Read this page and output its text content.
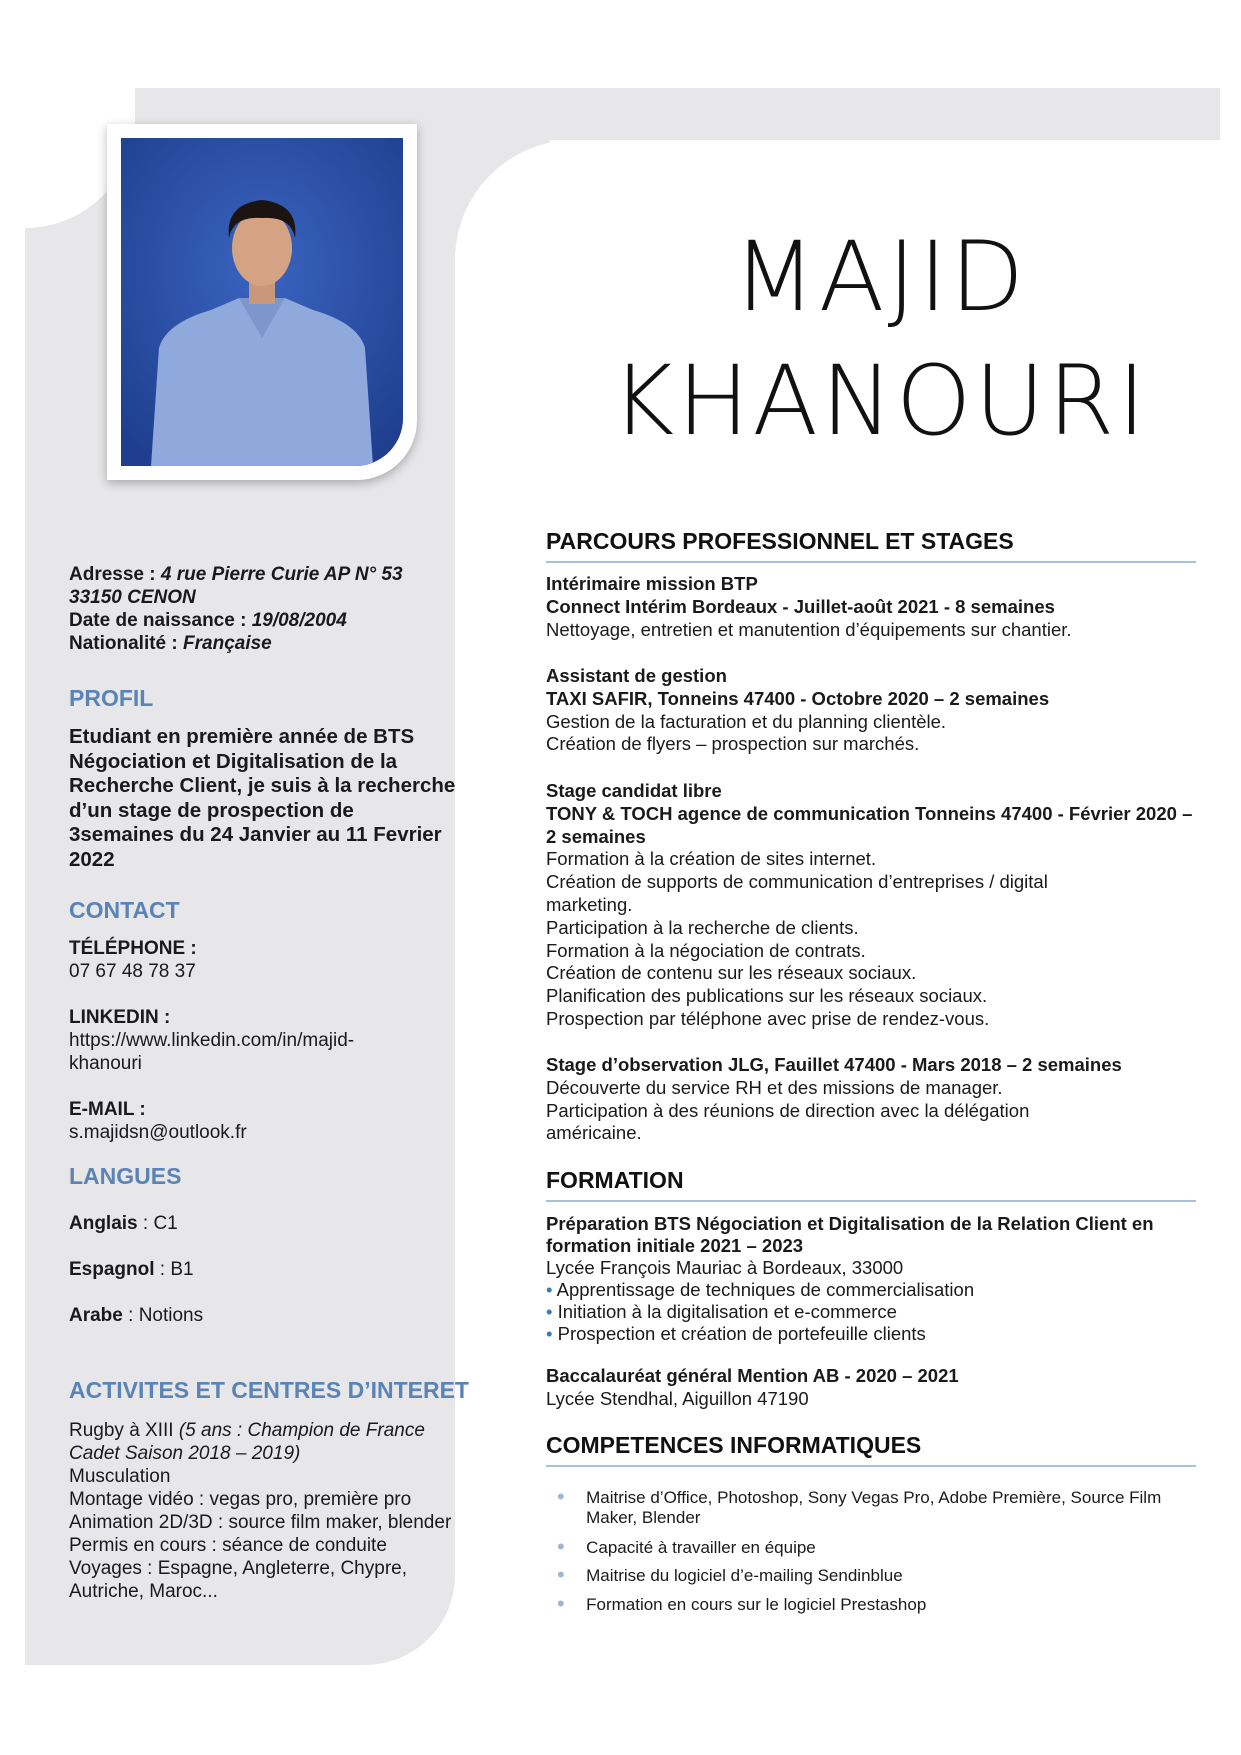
MAJID
KHANOURI
Adresse : 4 rue Pierre Curie AP N° 53
33150 CENON
Date de naissance : 19/08/2004
Nationalité : Française
PROFIL
Etudiant en première année de BTS Négociation et Digitalisation de la Recherche Client, je suis à la recherche d’un stage de prospection de 3semaines du 24 Janvier au 11 Fevrier 2022
CONTACT
TÉLÉPHONE :
07 67 48 78 37
LINKEDIN :
https://www.linkedin.com/in/majid-
khanouri
E-MAIL :
s.majidsn@outlook.fr
LANGUES
Anglais : C1
Espagnol : B1
Arabe : Notions
ACTIVITES ET CENTRES D’INTERET
Rugby à XIII (5 ans : Champion de France Cadet Saison 2018 – 2019)
Musculation
Montage vidéo : vegas pro, première pro
Animation 2D/3D : source film maker, blender
Permis en cours : séance de conduite
Voyages : Espagne, Angleterre, Chypre, Autriche, Maroc...
PARCOURS PROFESSIONNEL ET STAGES
Intérimaire mission BTP
Connect Intérim Bordeaux - Juillet-août 2021 - 8 semaines
Nettoyage, entretien et manutention d’équipements sur chantier.
Assistant de gestion
TAXI SAFIR, Tonneins 47400 - Octobre 2020 – 2 semaines
Gestion de la facturation et du planning clientèle.
Création de flyers – prospection sur marchés.
Stage candidat libre
TONY & TOCH agence de communication Tonneins 47400 - Février 2020 – 2 semaines
Formation à la création de sites internet.
Création de supports de communication d’entreprises / digital marketing.
Participation à la recherche de clients.
Formation à la négociation de contrats.
Création de contenu sur les réseaux sociaux.
Planification des publications sur les réseaux sociaux.
Prospection par téléphone avec prise de rendez-vous.
Stage d’observation JLG, Fauillet 47400 - Mars 2018 – 2 semaines
Découverte du service RH et des missions de manager.
Participation à des réunions de direction avec la délégation américaine.
FORMATION
Préparation BTS Négociation et Digitalisation de la Relation Client en formation initiale 2021 – 2023
Lycée François Mauriac à Bordeaux, 33000
• Apprentissage de techniques de commercialisation
• Initiation à la digitalisation et e-commerce
• Prospection et création de portefeuille clients
Baccalauréat général Mention AB - 2020 – 2021
Lycée Stendhal, Aiguillon 47190
COMPETENCES INFORMATIQUES
•	Maitrise d’Office, Photoshop, Sony Vegas Pro, Adobe Première, Source Film Maker, Blender
•	Capacité à travailler en équipe
•	Maitrise du logiciel d’e-mailing Sendinblue
•	Formation en cours sur le logiciel Prestashop
